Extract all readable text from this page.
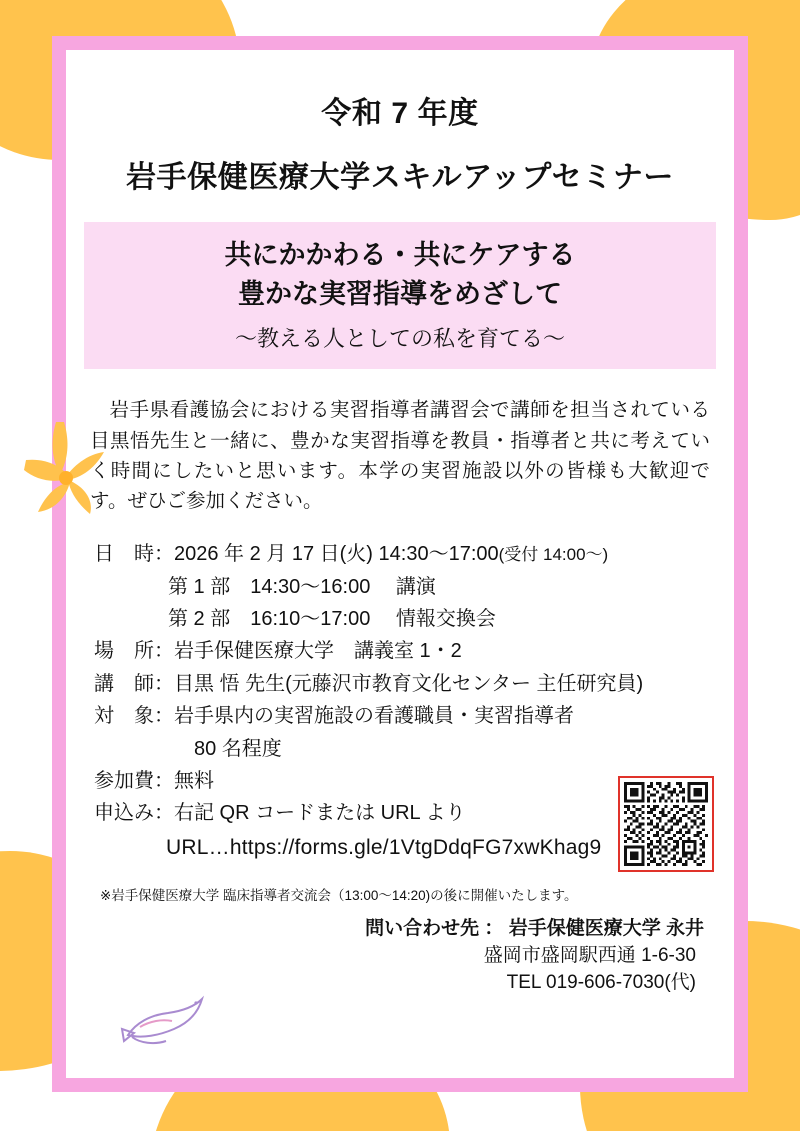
令和 7 年度
岩手保健医療大学スキルアップセミナー
共にかかわる・共にケアする
豊かな実習指導をめざして
〜教える人としての私を育てる〜
岩手県看護協会における実習指導者講習会で講師を担当されている目黒悟先生と一緒に、豊かな実習指導を教員・指導者と共に考えていく時間にしたいと思います。本学の実習施設以外の皆様も大歓迎です。ぜひご参加ください。
日　時：2026 年 2 月 17 日(火) 14:30〜17:00(受付 14:00〜)
第 1 部　14:30〜16:00　 講演
第 2 部　16:10〜17:00　 情報交換会
場　所：岩手保健医療大学　講義室 1・2
講　師：目黒 悟 先生(元藤沢市教育文化センター 主任研究員)
対　象：岩手県内の実習施設の看護職員・実習指導者
80 名程度
参加費：無料
申込み：右記 QR コードまたは URL より
URL…https://forms.gle/1VtgDdqFG7xwKhag9
※岩手保健医療大学 臨床指導者交流会（13:00〜14:20)の後に開催いたします。
問い合わせ先 ： 岩手保健医療大学 永井
盛岡市盛岡駅西通 1-6-30
TEL 019-606-7030(代)
